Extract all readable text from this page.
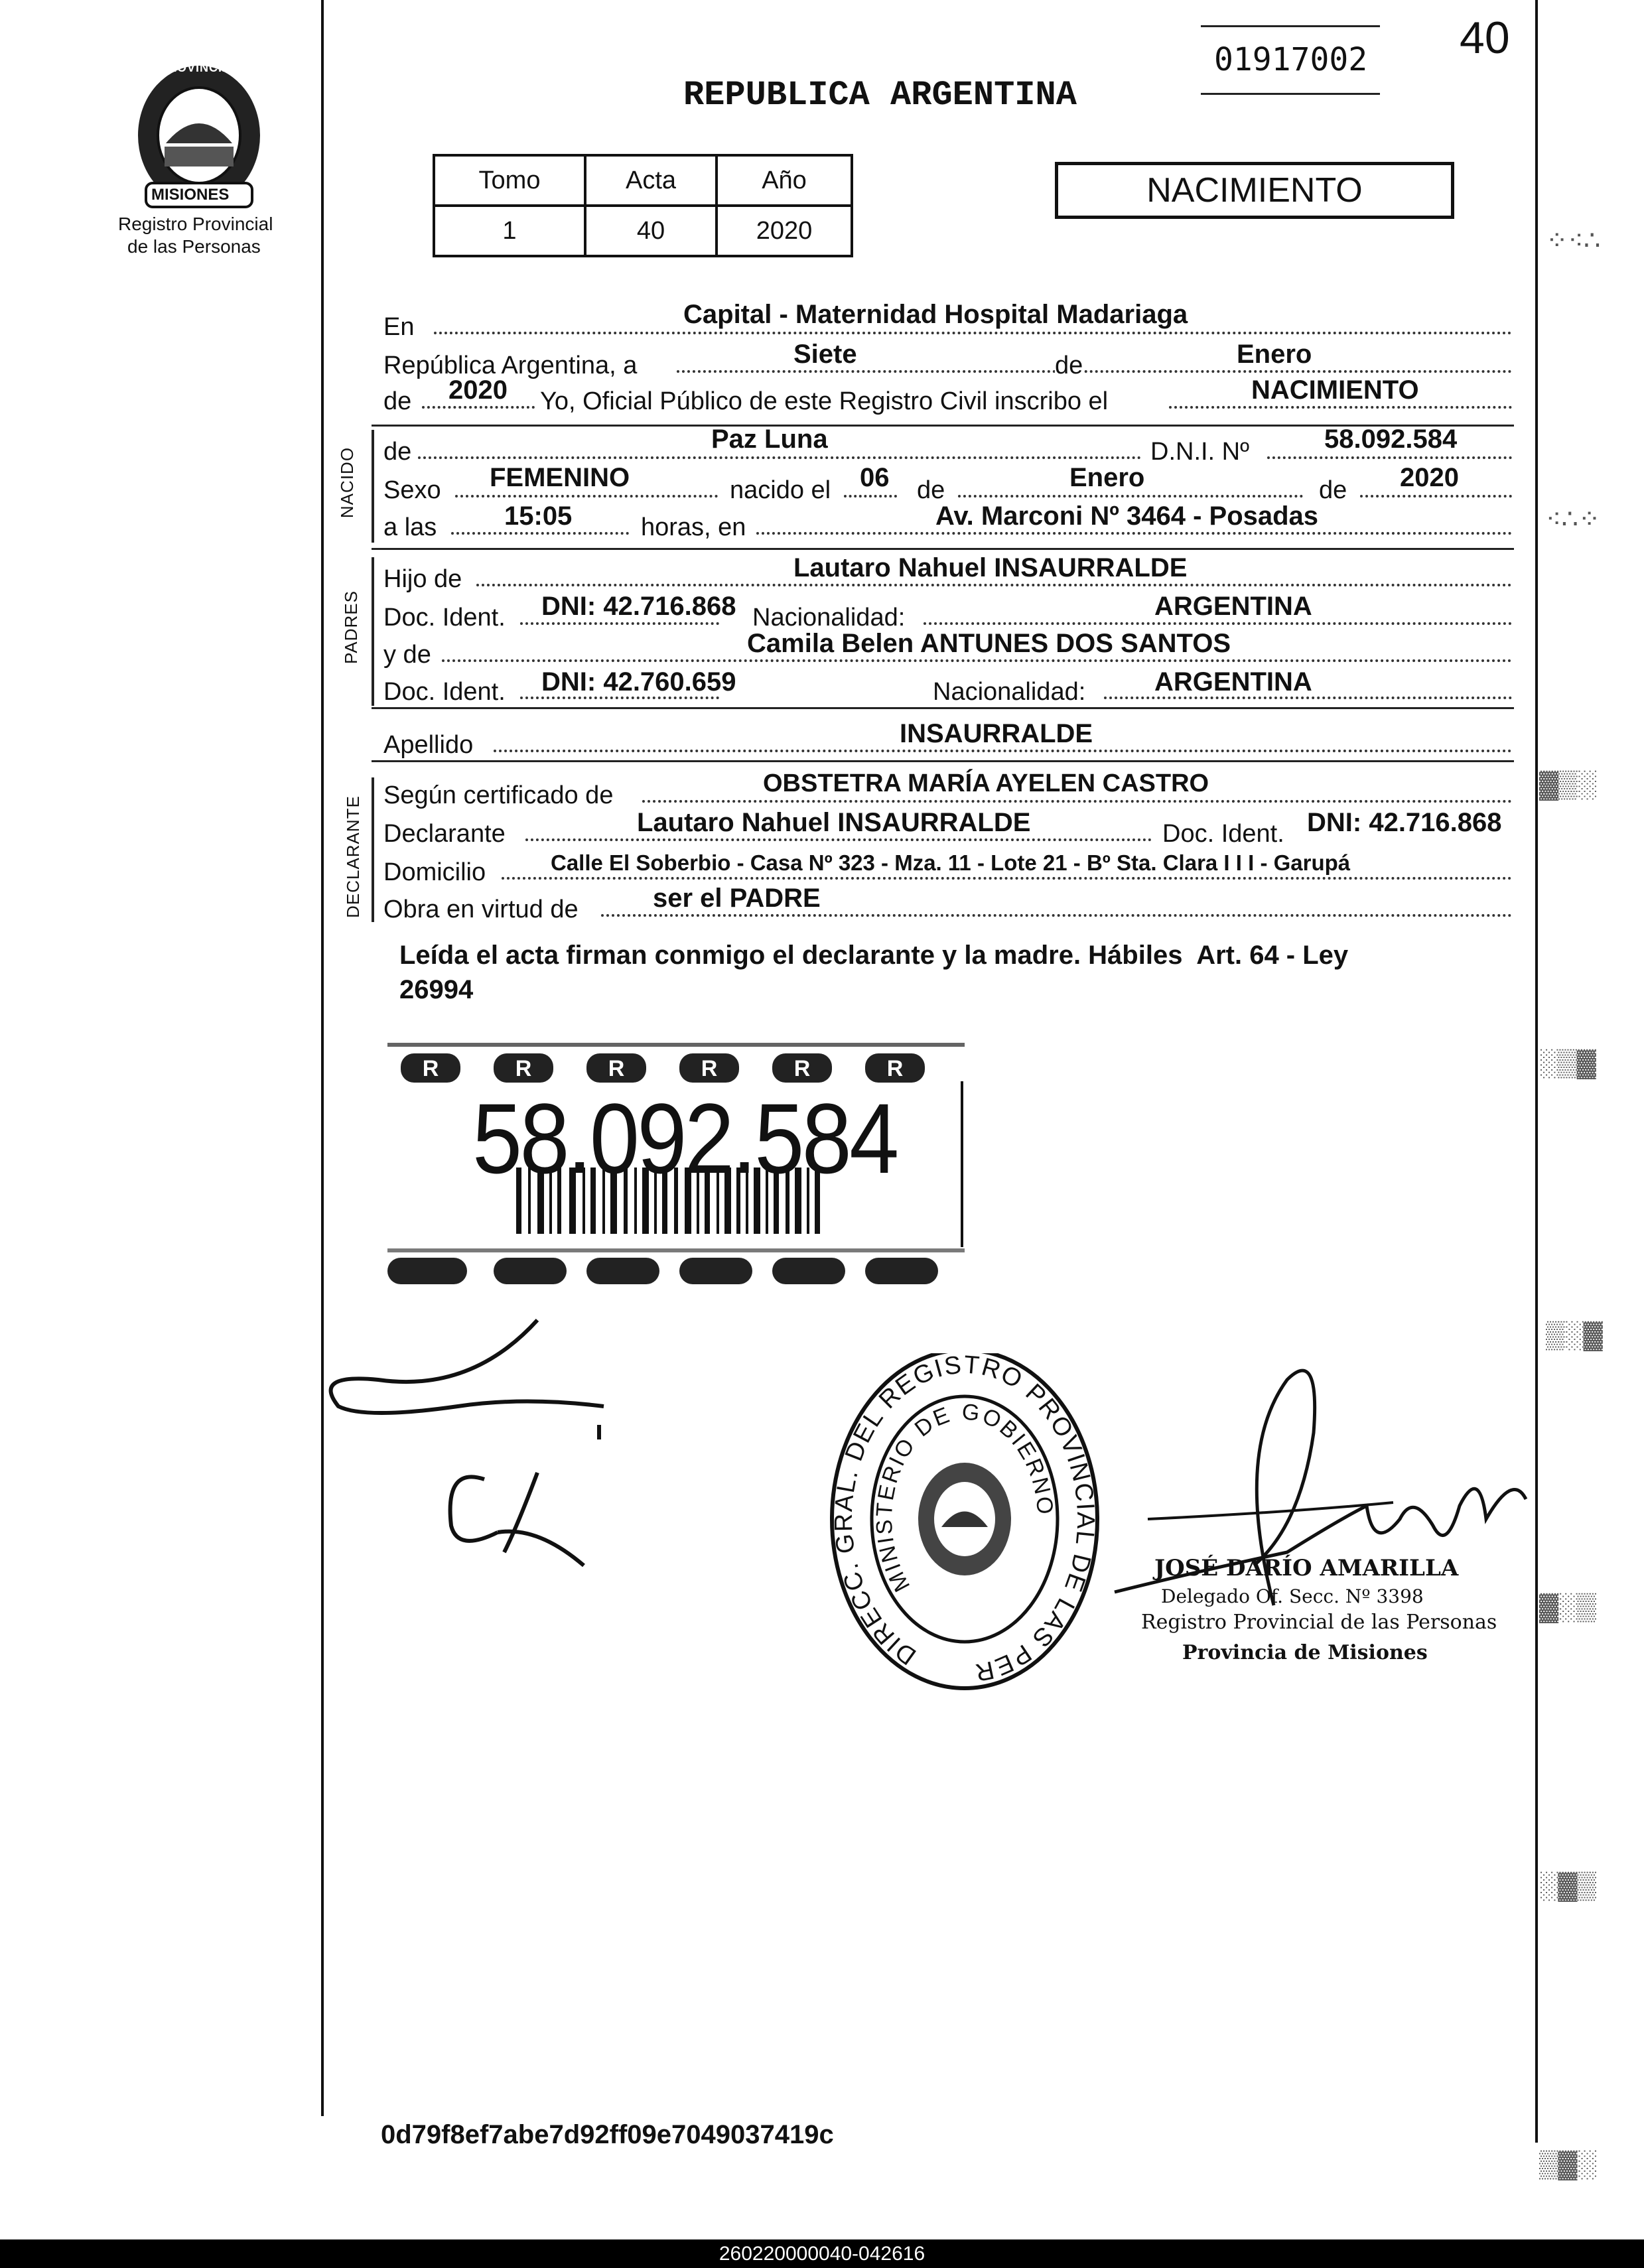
PROVINCIA DE
MISIONES
Registro Provincial
de las Personas
40
01917002
REPUBLICA ARGENTINA
Tomo	Acta	Año
1	40	2020
NACIMIENTO
En	Capital - Maternidad Hospital Madariaga
República Argentina, a	Siete	de	Enero
de 2020 Yo, Oficial Público de este Registro Civil inscribo el	NACIMIENTO
NACIDO de	Paz Luna	D.N.I. Nº	58.092.584
Sexo FEMENINO	nacido el 06 de	Enero	de 2020
a las	15:05	horas, en	Av. Marconi Nº 3464 - Posadas
PADRES
Hijo de	Lautaro Nahuel INSAURRALDE
Doc. Ident. DNI: 42.716.868 Nacionalidad:	ARGENTINA
y de	Camila Belen ANTUNES DOS SANTOS
Doc. Ident. DNI: 42.760.659	Nacionalidad:	ARGENTINA
Apellido	INSAURRALDE
DECLARANTE
Según certificado de	OBSTETRA MARÍA AYELEN CASTRO
Declarante	Lautaro Nahuel INSAURRALDE	Doc. Ident. DNI: 42.716.868
Domicilio	Calle El Soberbio - Casa Nº 323 - Mza. 11 - Lote 21 - Bº Sta. Clara I I I - Garupá
Obra en virtud de	ser el PADRE
Leída el acta firman conmigo el declarante y la madre. Hábiles  Art. 64 - Ley
26994
R	R	R	R	R	R
58.092.584
DIRECC. GRAL. DEL REGISTRO PROVINCIAL DE LAS PER
MINISTERIO DE GOBIERNO
JOSÉ DARÍO AMARILLA
Delegado Of. Secc. Nº 3398
Registro Provincial de las Personas
Provincia de Misiones
⁘⁖∴
⁖∴⁘
▓▒░
░▒▓
▒░▓
▓░▒
░▓▒
▒▓░
0d79f8ef7abe7d92ff09e7049037419c
260220000040-042616
